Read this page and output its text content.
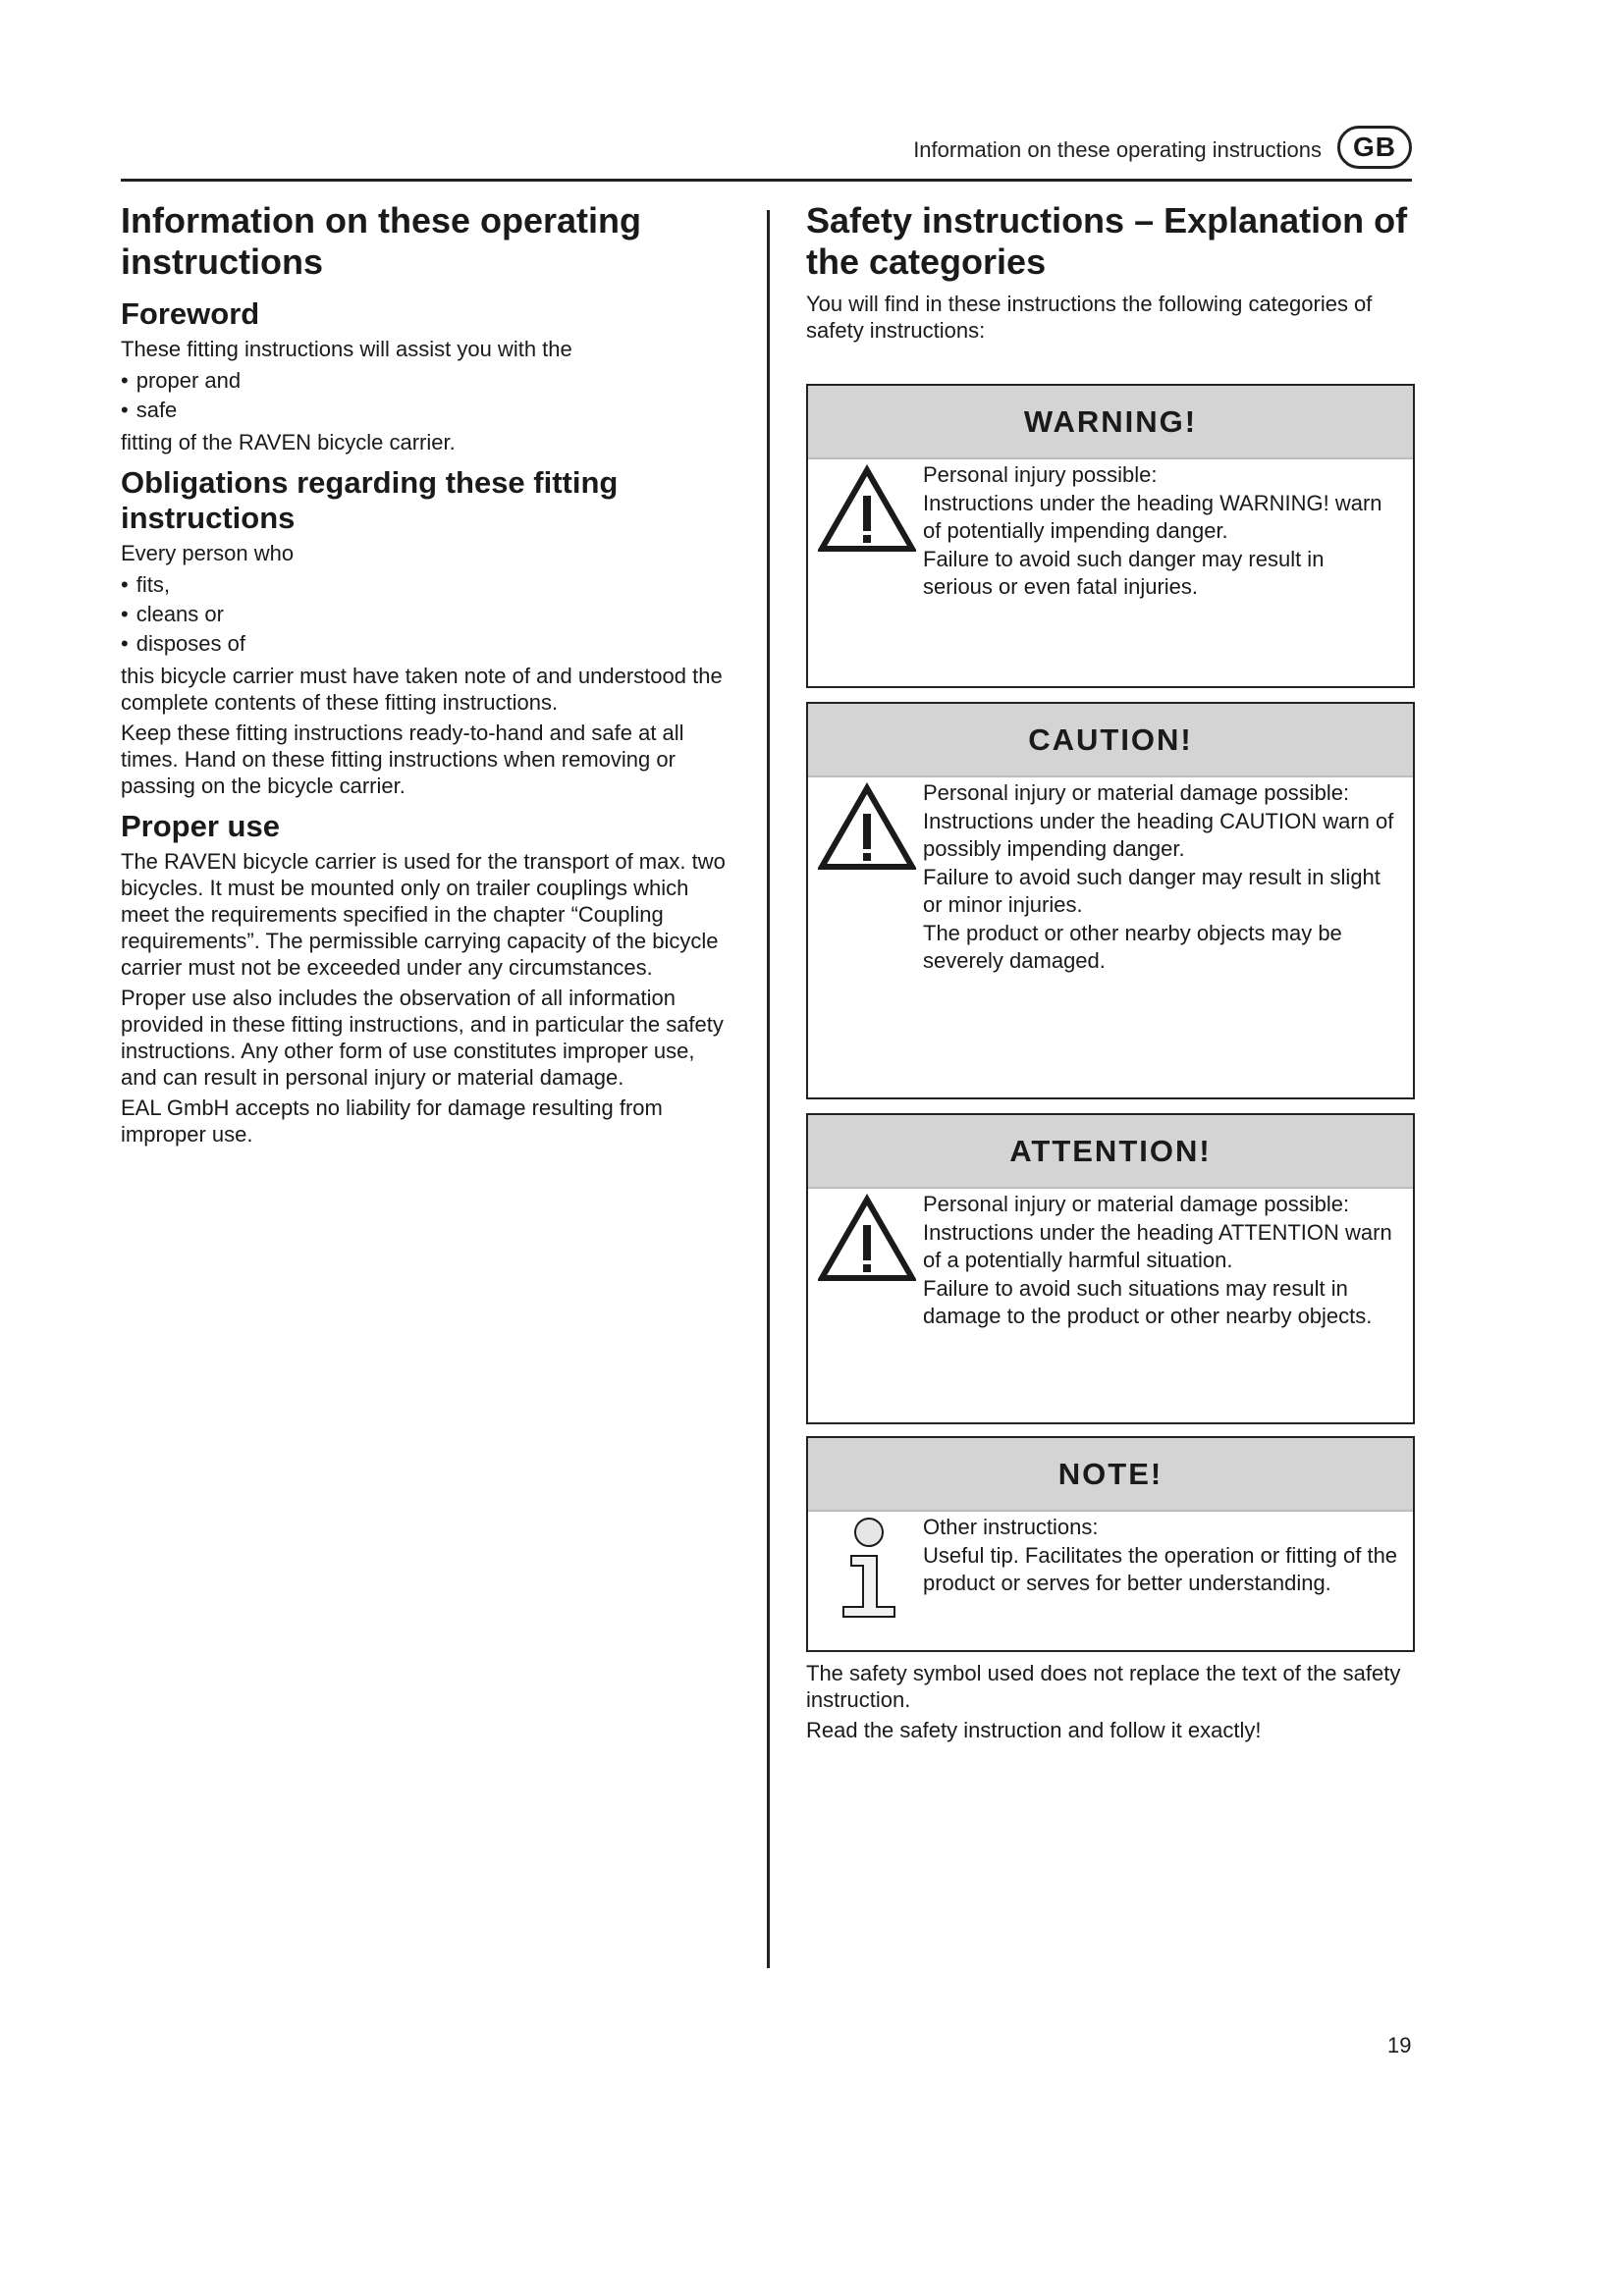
Information on these operating instructions	GB
Information on these operating instructions
Foreword

These fitting instructions will assist you with the

• proper and
• safe

fitting of the RAVEN bicycle carrier.

Obligations regarding these fitting instructions

Every person who

• fits,
• cleans or
• disposes of

this bicycle carrier must have taken note of and understood the complete contents of these fitting instructions.

Keep these fitting instructions ready-to-hand and safe at all times. Hand on these fitting instructions when removing or passing on the bicycle carrier.

Proper use

The RAVEN bicycle carrier is used for the transport of max. two bicycles. It must be mounted only on trailer couplings which meet the requirements specified in the chapter “Coupling requirements”. The permissible carrying capacity of the bicycle carrier must not be exceeded under any circumstances.

Proper use also includes the observation of all information provided in these fitting instructions, and in particular the safety instructions. Any other form of use constitutes improper use, and can result in personal injury or material damage.

EAL GmbH accepts no liability for damage resulting from improper use.

Safety instructions – Explanation of the categories

You will find in these instructions the following categories of safety instructions:

WARNING!

Personal injury possible:

Instructions under the heading WARNING! warn of potentially impending danger.

Failure to avoid such danger may result in serious or even fatal injuries.

CAUTION!

Personal injury or material damage possible:

Instructions under the heading CAUTION warn of possibly impending danger.

Failure to avoid such danger may result in slight or minor injuries.

The product or other nearby objects may be severely damaged.

ATTENTION!

Personal injury or material damage possible:

Instructions under the heading ATTENTION warn of a potentially harmful situation.

Failure to avoid such situations may result in damage to the product or other nearby objects.

NOTE!

Other instructions:

Useful tip. Facilitates the operation or fitting of the product or serves for better understanding.

The safety symbol used does not replace the text of the safety instruction.

Read the safety instruction and follow it exactly!

19
